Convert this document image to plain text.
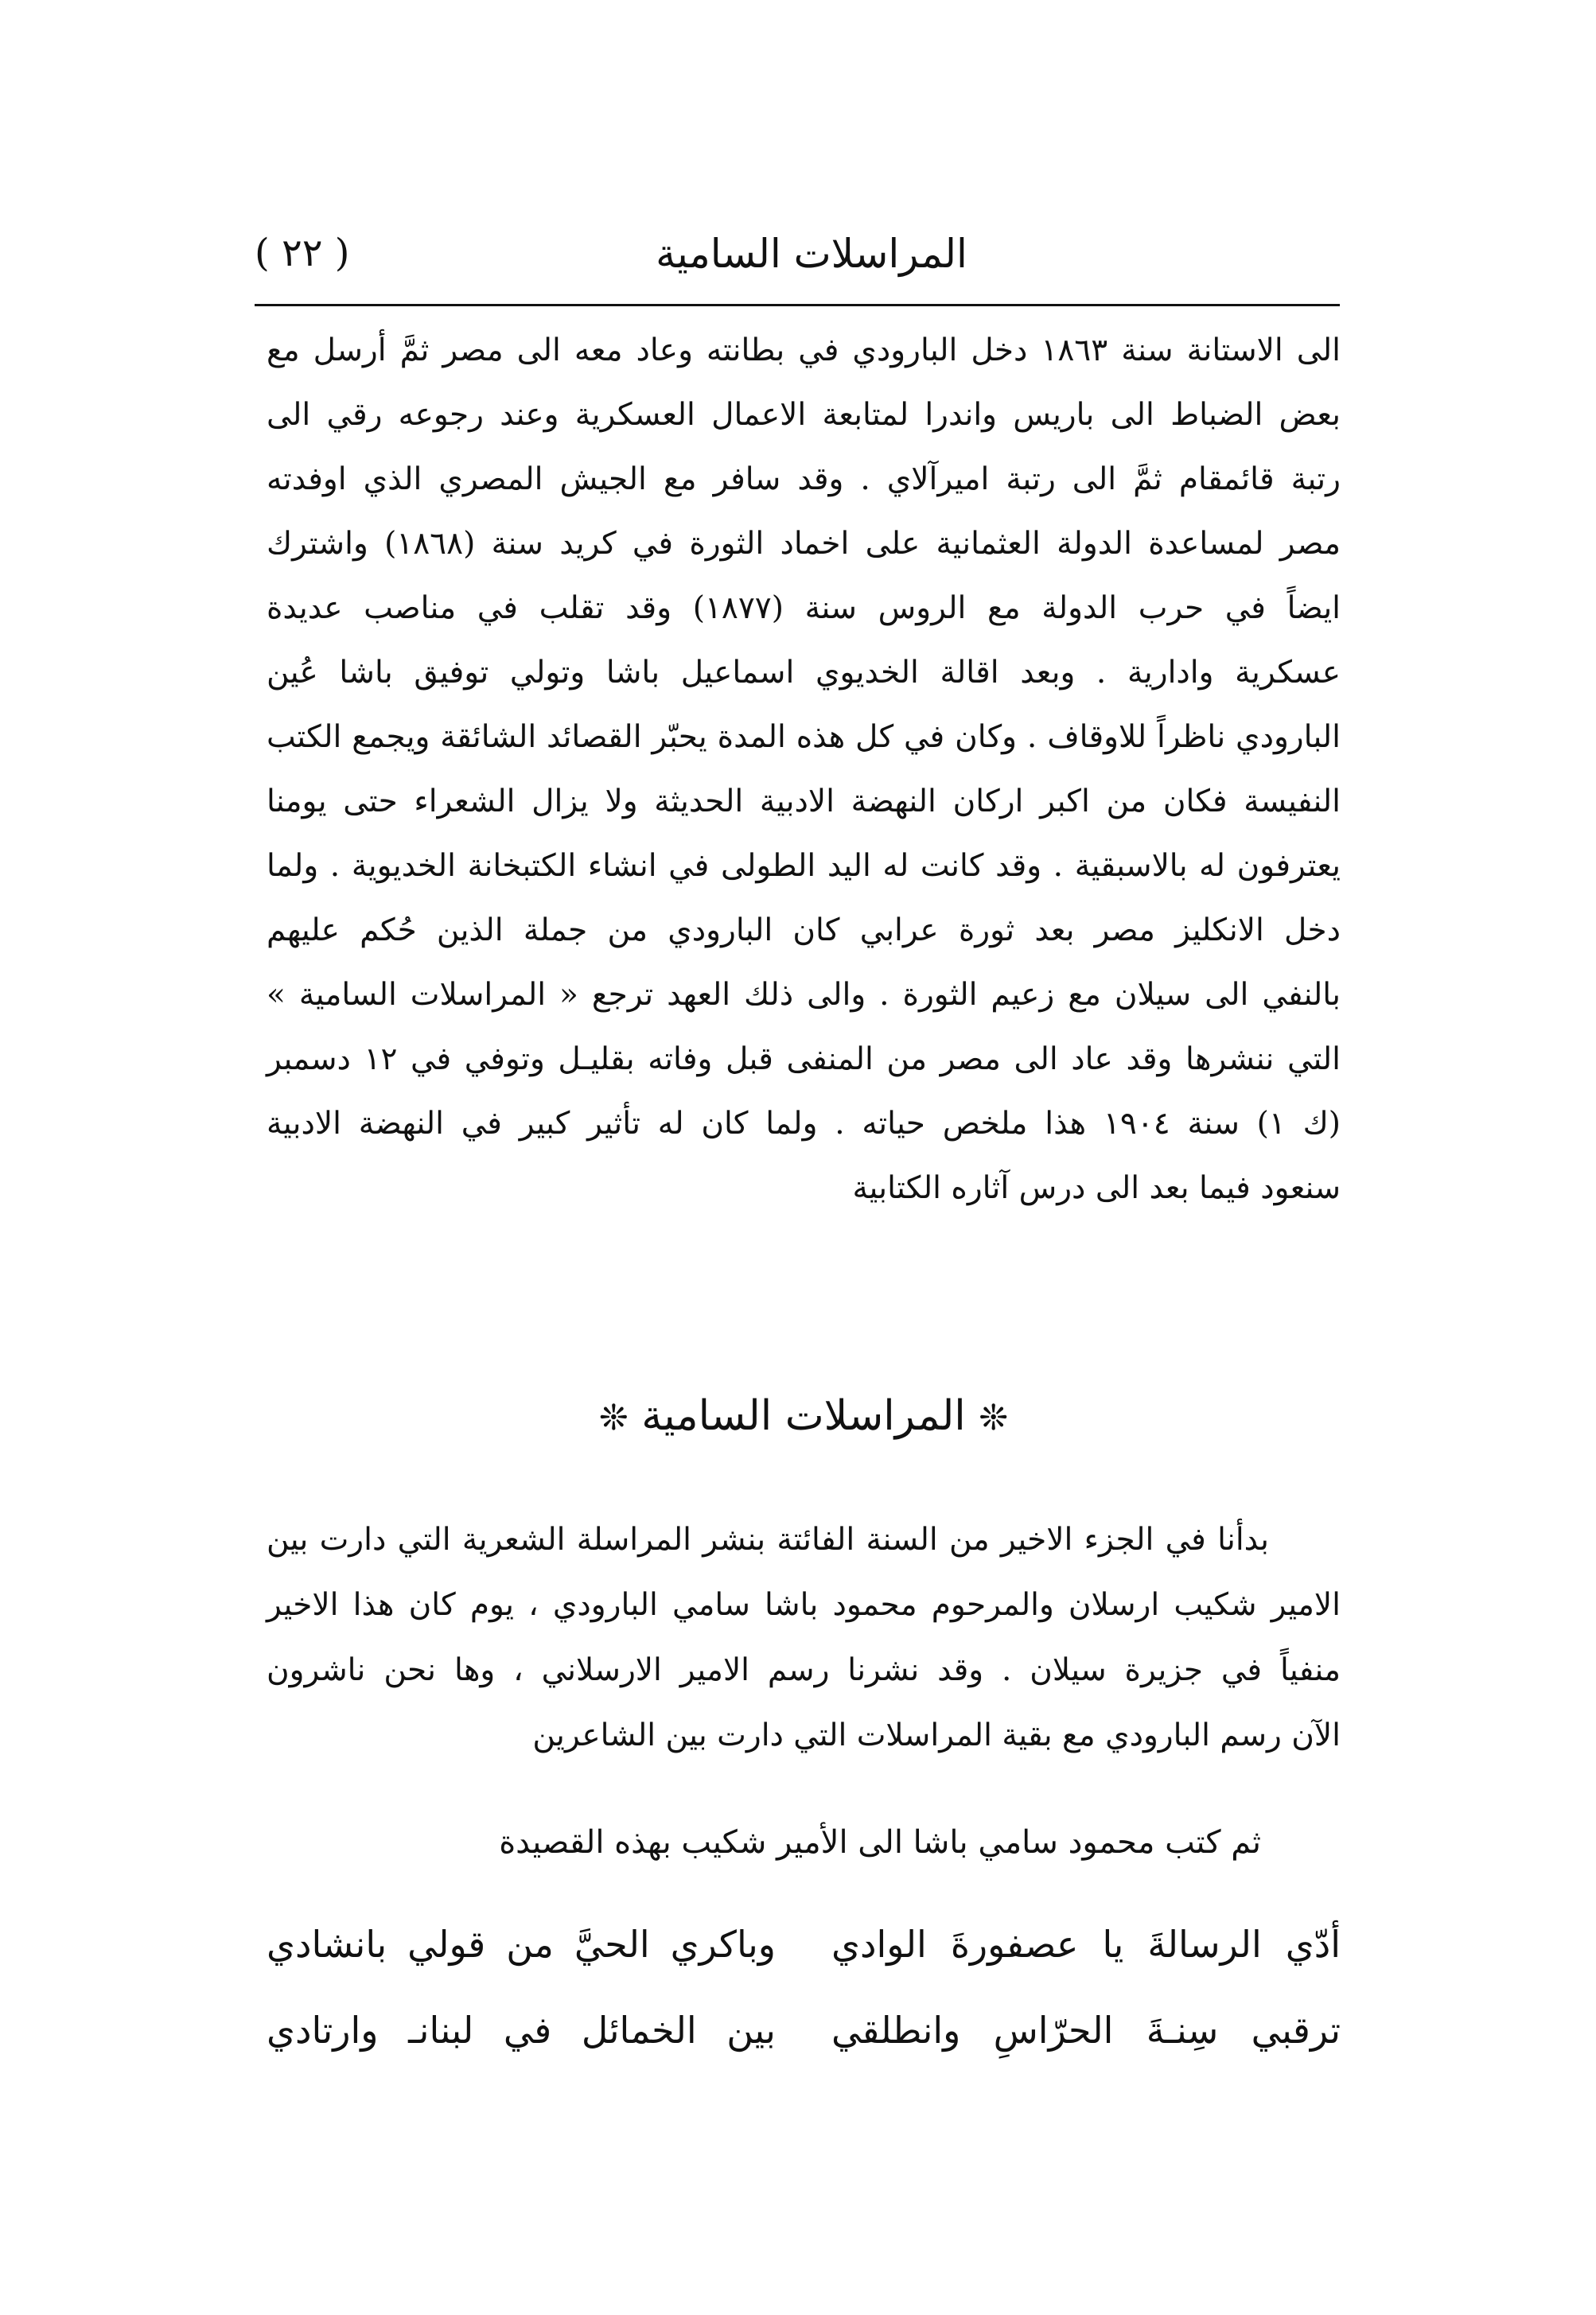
( ٢٢ )	المراسلات السامية
الى الاستانة سنة ١٨٦٣ دخل البارودي في بطانته وعاد معه الى مصر ثمَّ أرسل مع
بعض الضباط الى باريس واندرا لمتابعة الاعمال العسكرية وعند رجوعه رقي الى
رتبة قائمقام ثمَّ الى رتبة اميرآلاي . وقد سافر مع الجيش المصري الذي اوفدته
مصر لمساعدة الدولة العثمانية على اخماد الثورة في كريد سنة (١٨٦٨) واشترك
ايضاً في حرب الدولة مع الروس سنة (١٨٧٧) وقد تقلب في مناصب عديدة
عسكرية وادارية . وبعد اقالة الخديوي اسماعيل باشا وتولي توفيق باشا عُين
البارودي ناظراً للاوقاف . وكان في كل هذه المدة يحبّر القصائد الشائقة ويجمع الكتب
النفيسة فكان من اكبر اركان النهضة الادبية الحديثة ولا يزال الشعراء حتى يومنا
يعترفون له بالاسبقية . وقد كانت له اليد الطولى في انشاء الكتبخانة الخديوية . ولما
دخل الانكليز مصر بعد ثورة عرابي كان البارودي من جملة الذين حُكم عليهم
بالنفي الى سيلان مع زعيم الثورة . والى ذلك العهد ترجع « المراسلات السامية »
التي ننشرها وقد عاد الى مصر من المنفى قبل وفاته بقليـل وتوفي في ١٢ دسمبر
(ك ١) سنة ١٩٠٤ هذا ملخص حياته . ولما كان له تأثير كبير في النهضة الادبية
سنعود فيما بعد الى درس آثاره الكتابية
❊ المراسلات السامية ❊
بدأنا في الجزء الاخير من السنة الفائتة بنشر المراسلة الشعرية التي دارت بين
الامير شكيب ارسلان والمرحوم محمود باشا سامي البارودي ، يوم كان هذا الاخير
منفياً في جزيرة سيلان . وقد نشرنا رسم الامير الارسلاني ، وها نحن ناشرون
الآن رسم البارودي مع بقية المراسلات التي دارت بين الشاعرين
ثم كتب محمود سامي باشا الى الأمير شكيب بهذه القصيدة
أدّي الرسالةَ يا عصفورةَ الوادي
وباكري الحيَّ من قولي بانشادي
ترقبي سِنـةَ الحرّاسِ وانطلقي
بين الخمائل في لبنانـ وارتادي
